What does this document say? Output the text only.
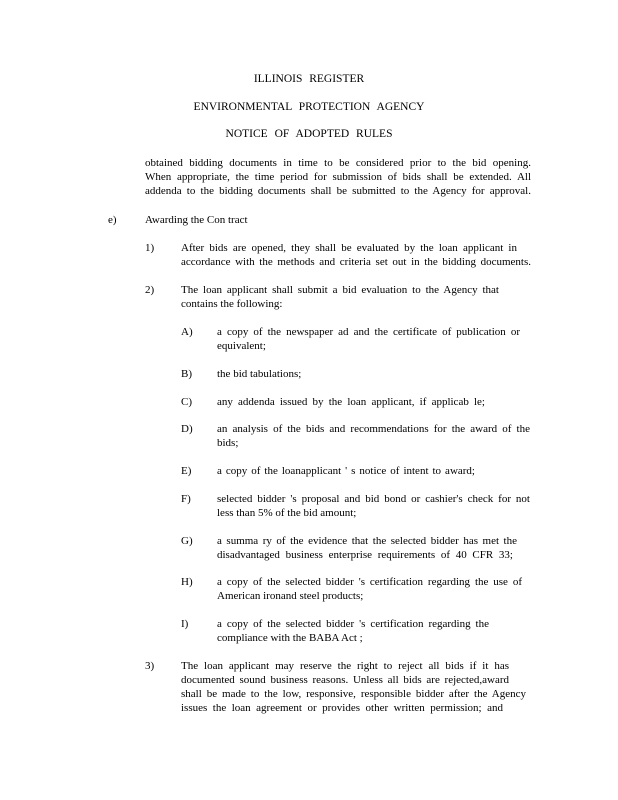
ILLINOIS REGISTER
ENVIRONMENTAL PROTECTION AGENCY
NOTICE OF ADOPTED RULES
obtained bidding documents in time to be considered prior to the bid opening.
When appropriate, the time period for submission of bids shall be extended. All
addenda to the bidding documents shall be submitted to the Agency for approval.
e)	Awarding the Con tract
1) After bids are opened, they shall be evaluated by the loan applicant in
accordance with the methods and criteria set out in the bidding documents.
2) The loan applicant shall submit a bid evaluation to the Agency that
contains the following:
A) a copy of the newspaper ad and the certificate of publication or
equivalent;
B) the bid tabulations;
C) any addenda issued by the loan applicant, if applicab le;
D) an analysis of the bids and recommendations for the award of the
bids;
E) a copy of the loanapplicant ' s notice of intent to award;
F) selected bidder 's proposal and bid bond or cashier's check for not
less than 5% of the bid amount;
G) a summa ry of the evidence that the selected bidder has met the
disadvantaged business enterprise requirements of 40 CFR 33;
H) a copy of the selected bidder 's certification regarding the use of
American ironand steel products;
I)	a copy of the selected bidder 's certification regarding the
compliance with the BABA Act ;
3) The loan applicant may reserve the right to reject all bids if it has
documented sound business reasons. Unless all bids are rejected,award
shall be made to the low, responsive, responsible bidder after the Agency
issues the loan agreement or provides other written permission; and
